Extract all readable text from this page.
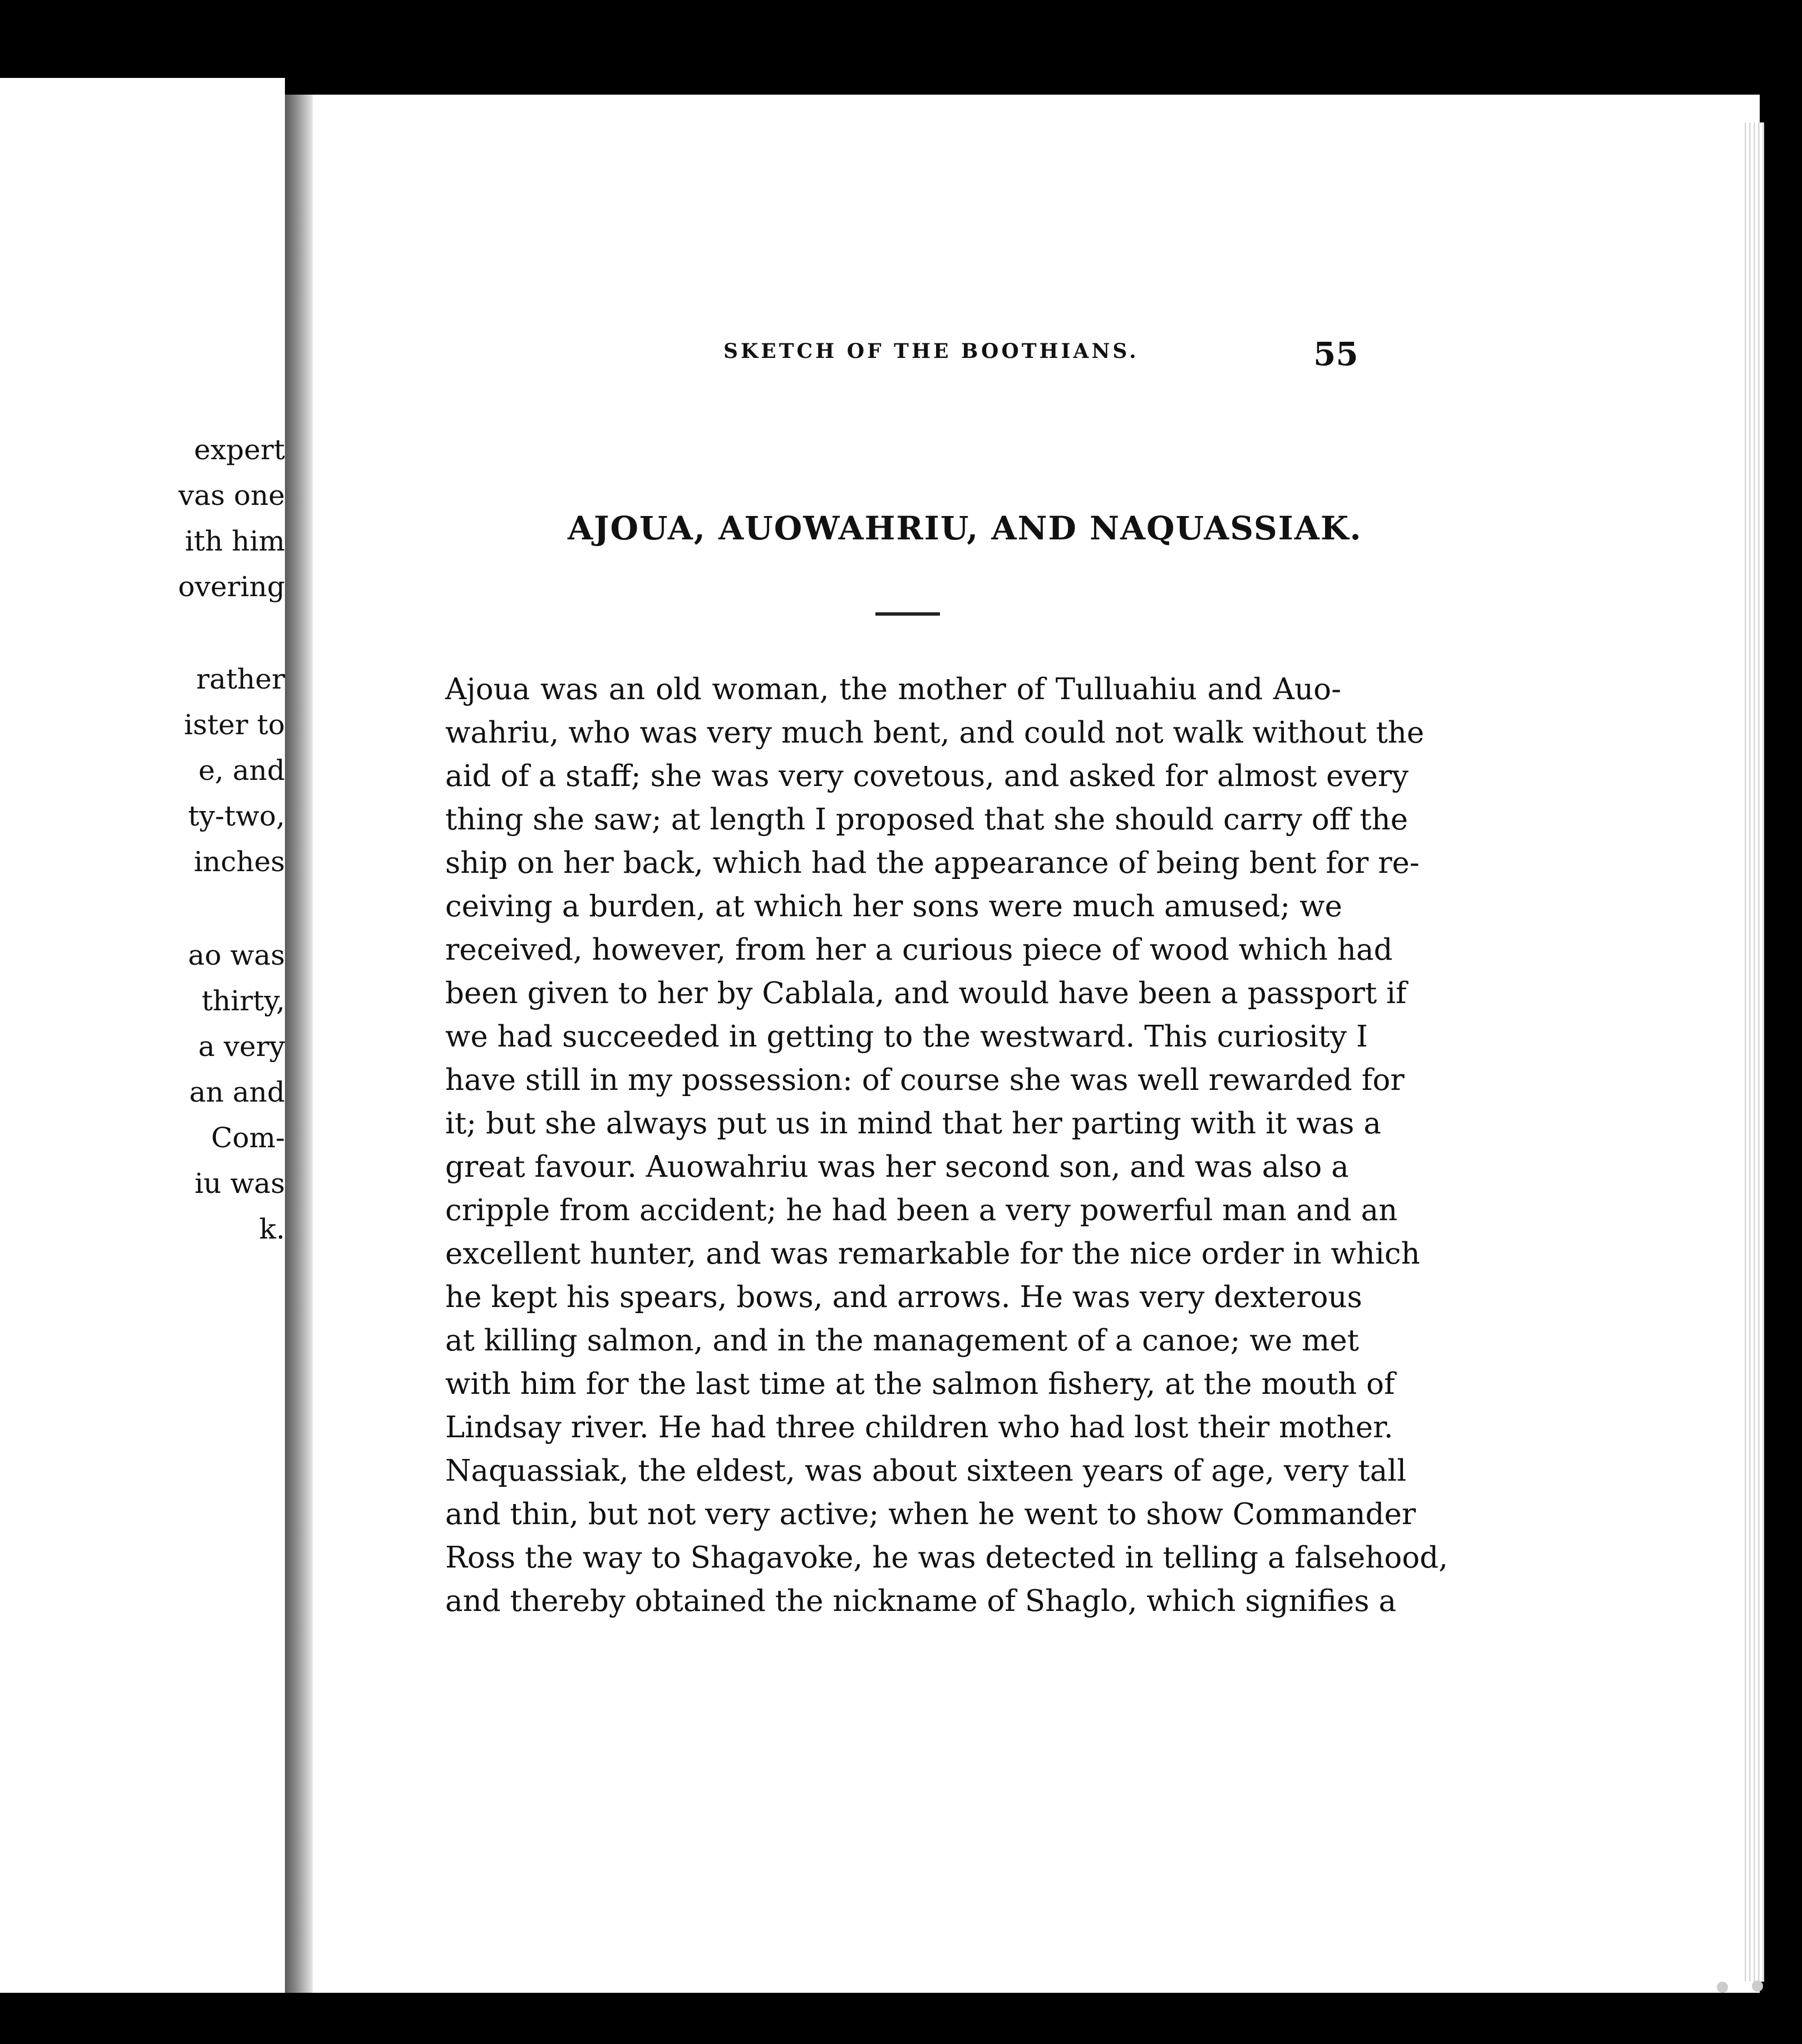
expert
vas one
ith him
overing
rather
ister to
e, and
ty-two,
inches
ao was
thirty,
a very
an and
Com-
iu was
k.
SKETCH OF THE BOOTHIANS.	55
AJOUA, AUOWAHRIU, AND NAQUASSIAK.
Ajoua was an old woman, the mother of Tulluahiu and Auo-
wahriu, who was very much bent, and could not walk without the
aid of a staff; she was very covetous, and asked for almost every
thing she saw; at length I proposed that she should carry off the
ship on her back, which had the appearance of being bent for re-
ceiving a burden, at which her sons were much amused; we
received, however, from her a curious piece of wood which had
been given to her by Cablala, and would have been a passport if
we had succeeded in getting to the westward. This curiosity I
have still in my possession: of course she was well rewarded for
it; but she always put us in mind that her parting with it was a
great favour. Auowahriu was her second son, and was also a
cripple from accident; he had been a very powerful man and an
excellent hunter, and was remarkable for the nice order in which
he kept his spears, bows, and arrows. He was very dexterous
at killing salmon, and in the management of a canoe; we met
with him for the last time at the salmon fishery, at the mouth of
Lindsay river. He had three children who had lost their mother.
Naquassiak, the eldest, was about sixteen years of age, very tall
and thin, but not very active; when he went to show Commander
Ross the way to Shagavoke, he was detected in telling a falsehood,
and thereby obtained the nickname of Shaglo, which signifies a
